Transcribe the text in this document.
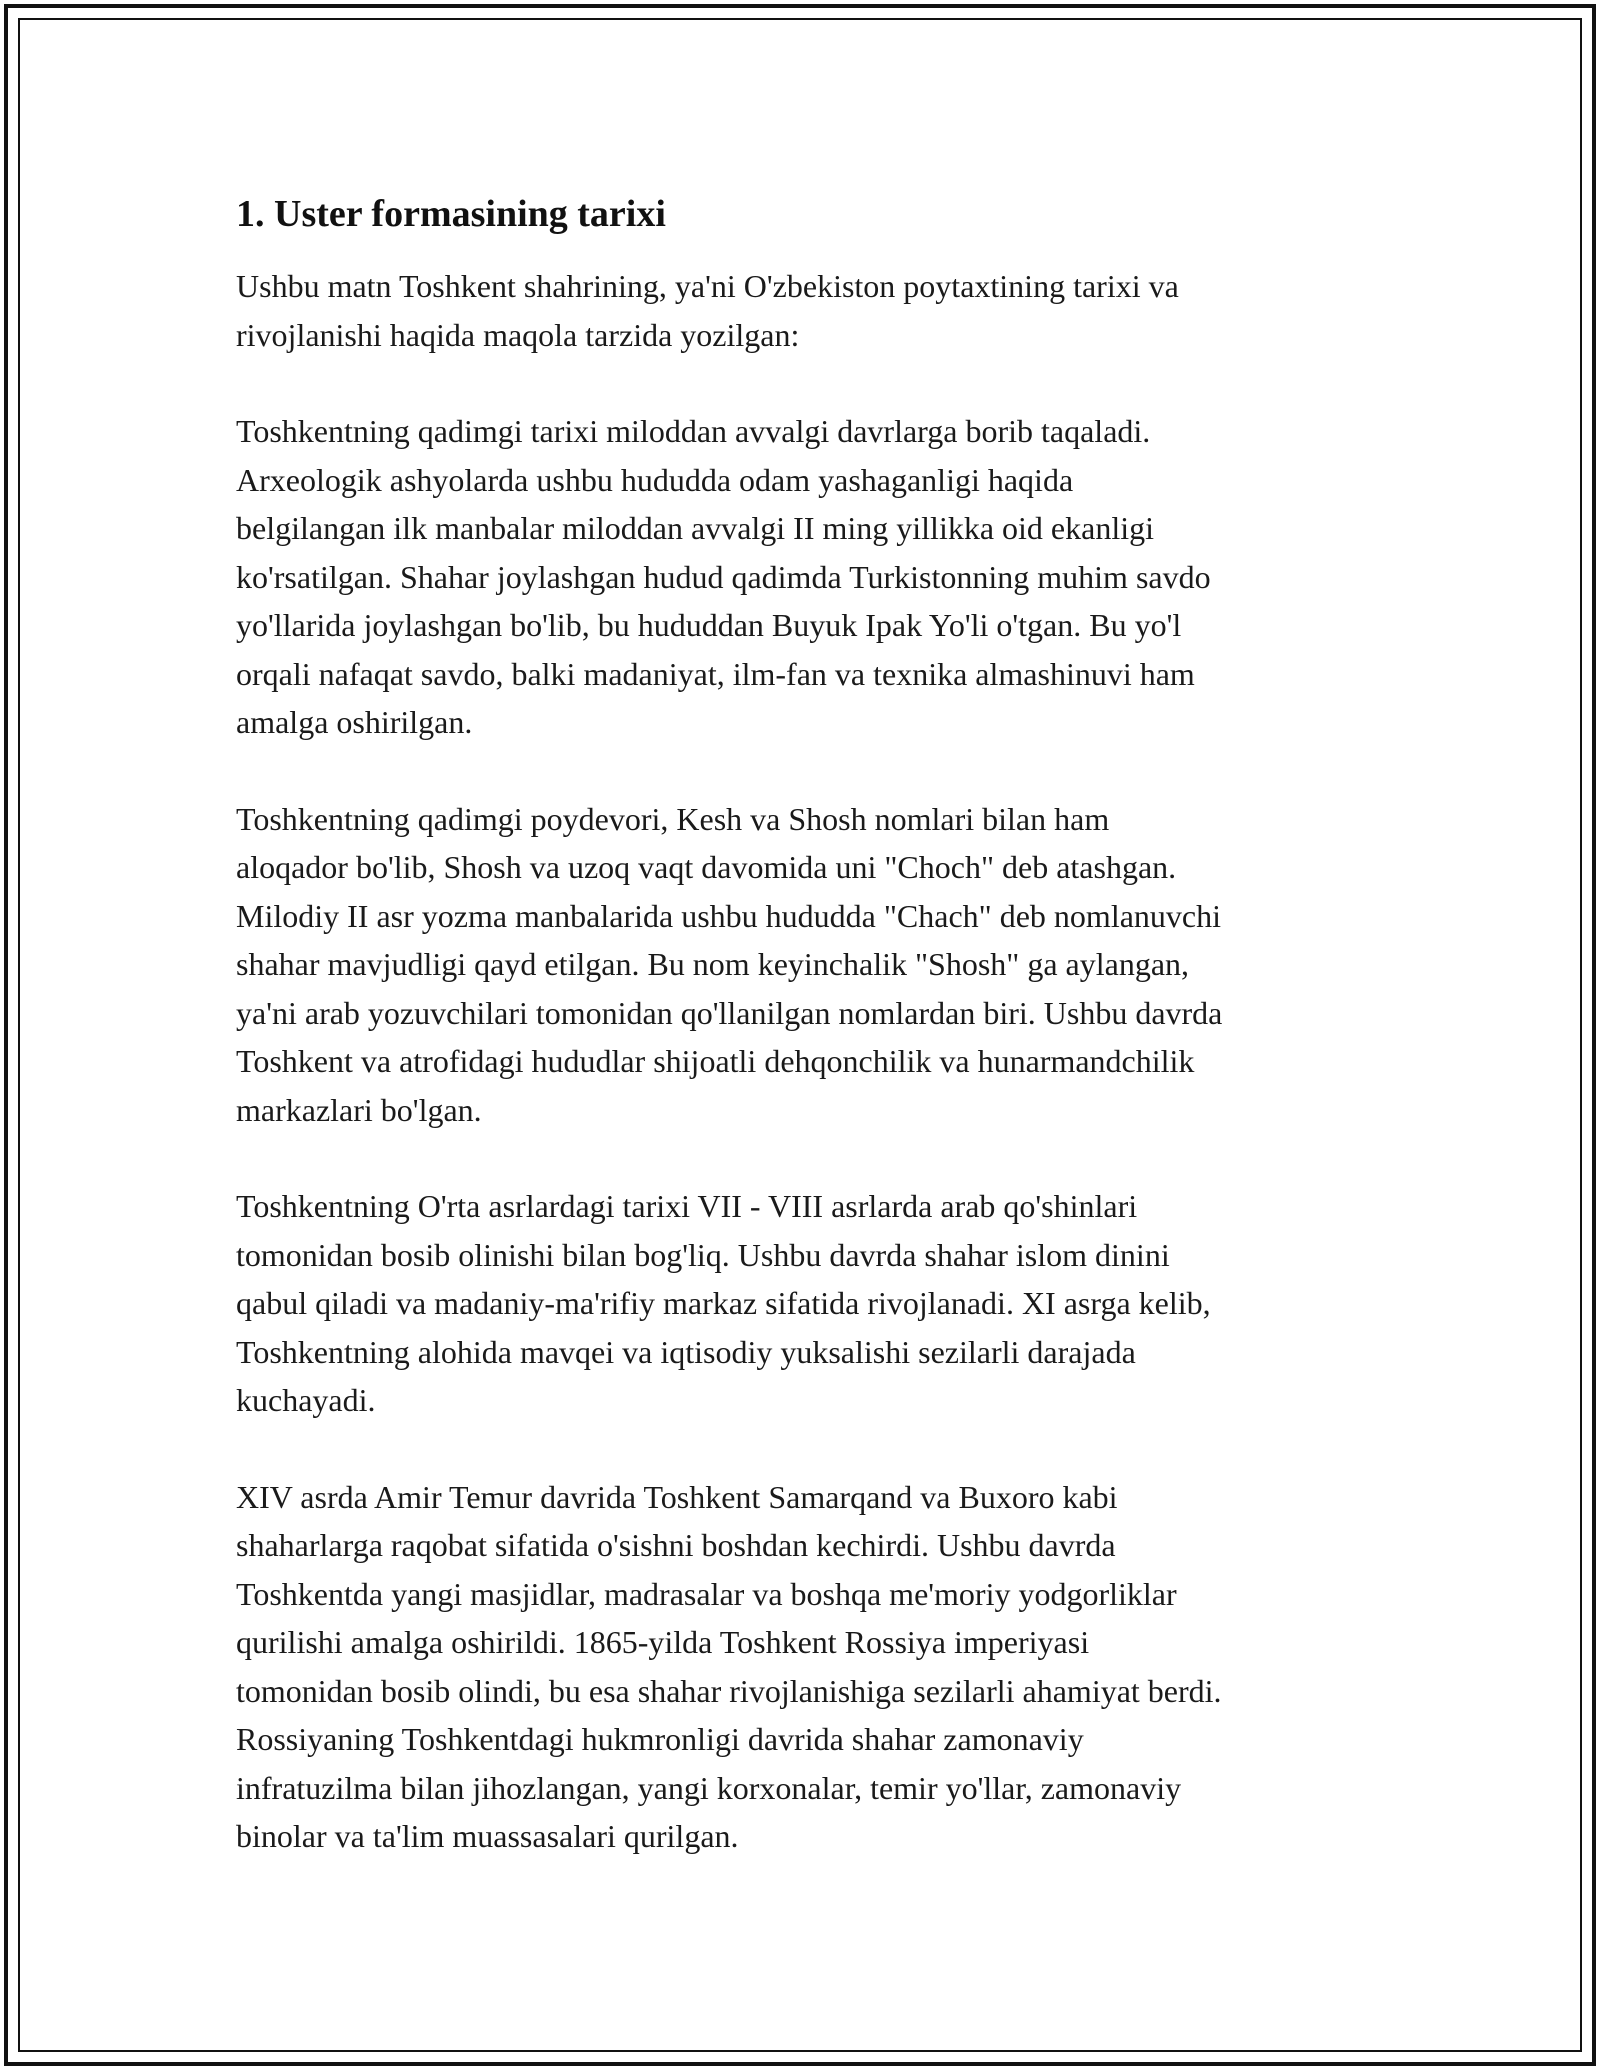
1. Uster formasining tarixi

Ushbu matn Toshkent shahrining, ya'ni O'zbekiston poytaxtining tarixi va
rivojlanishi haqida maqola tarzida yozilgan:

Toshkentning qadimgi tarixi miloddan avvalgi davrlarga borib taqaladi.
Arxeologik ashyolarda ushbu hududda odam yashaganligi haqida
belgilangan ilk manbalar miloddan avvalgi II ming yillikka oid ekanligi
ko'rsatilgan. Shahar joylashgan hudud qadimda Turkistonning muhim savdo
yo'llarida joylashgan bo'lib, bu hududdan Buyuk Ipak Yo'li o'tgan. Bu yo'l
orqali nafaqat savdo, balki madaniyat, ilm-fan va texnika almashinuvi ham
amalga oshirilgan.

Toshkentning qadimgi poydevori, Kesh va Shosh nomlari bilan ham
aloqador bo'lib, Shosh va uzoq vaqt davomida uni "Choch" deb atashgan.
Milodiy II asr yozma manbalarida ushbu hududda "Chach" deb nomlanuvchi
shahar mavjudligi qayd etilgan. Bu nom keyinchalik "Shosh" ga aylangan,
ya'ni arab yozuvchilari tomonidan qo'llanilgan nomlardan biri. Ushbu davrda
Toshkent va atrofidagi hududlar shijoatli dehqonchilik va hunarmandchilik
markazlari bo'lgan.

Toshkentning O'rta asrlardagi tarixi VII - VIII asrlarda arab qo'shinlari
tomonidan bosib olinishi bilan bog'liq. Ushbu davrda shahar islom dinini
qabul qiladi va madaniy-ma'rifiy markaz sifatida rivojlanadi. XI asrga kelib,
Toshkentning alohida mavqei va iqtisodiy yuksalishi sezilarli darajada
kuchayadi.

XIV asrda Amir Temur davrida Toshkent Samarqand va Buxoro kabi
shaharlarga raqobat sifatida o'sishni boshdan kechirdi. Ushbu davrda
Toshkentda yangi masjidlar, madrasalar va boshqa me'moriy yodgorliklar
qurilishi amalga oshirildi. 1865-yilda Toshkent Rossiya imperiyasi
tomonidan bosib olindi, bu esa shahar rivojlanishiga sezilarli ahamiyat berdi.
Rossiyaning Toshkentdagi hukmronligi davrida shahar zamonaviy
infratuzilma bilan jihozlangan, yangi korxonalar, temir yo'llar, zamonaviy
binolar va ta'lim muassasalari qurilgan.
